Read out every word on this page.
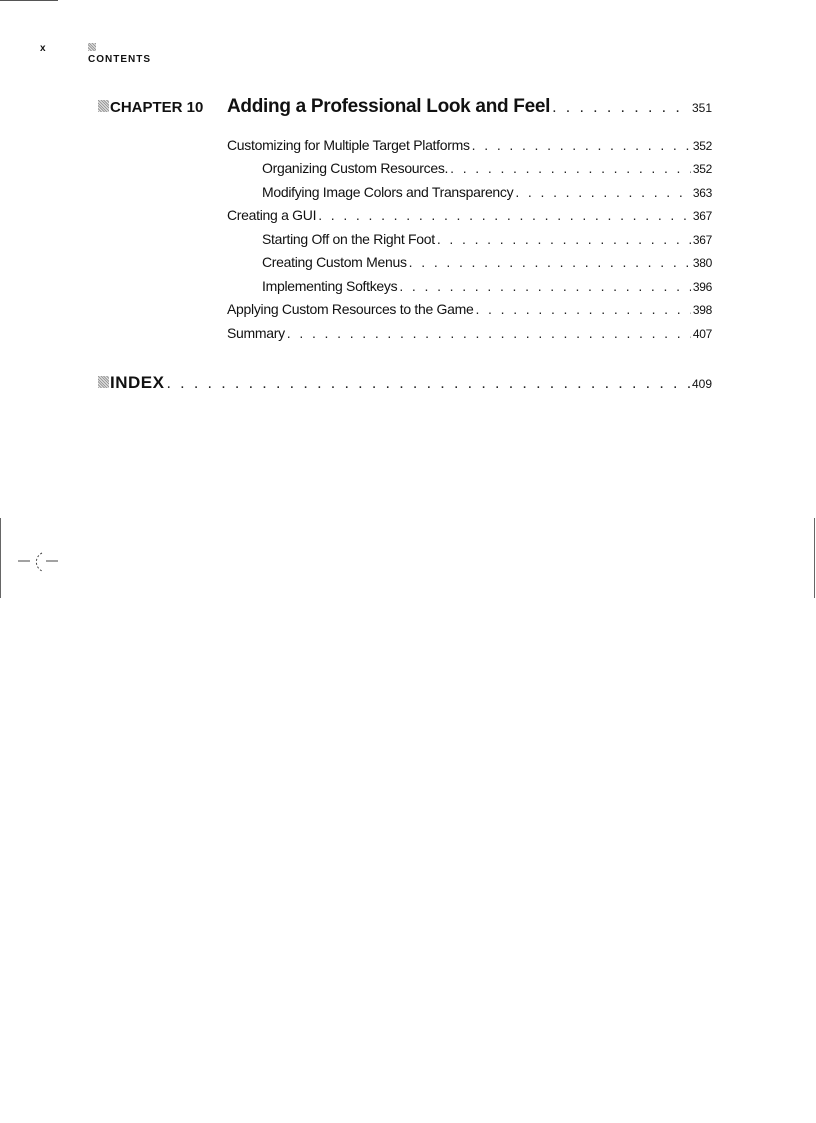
x
CONTENTS
CHAPTER 10	Adding a Professional Look and Feel . . .	351
Customizing for Multiple Target Platforms . . .	352
Organizing Custom Resources. . . .	352
Modifying Image Colors and Transparency . . .	363
Creating a GUI . . .	367
Starting Off on the Right Foot . . .	367
Creating Custom Menus . . .	380
Implementing Softkeys . . .	396
Applying Custom Resources to the Game . . .	398
Summary . . .	407
INDEX . . .	409
